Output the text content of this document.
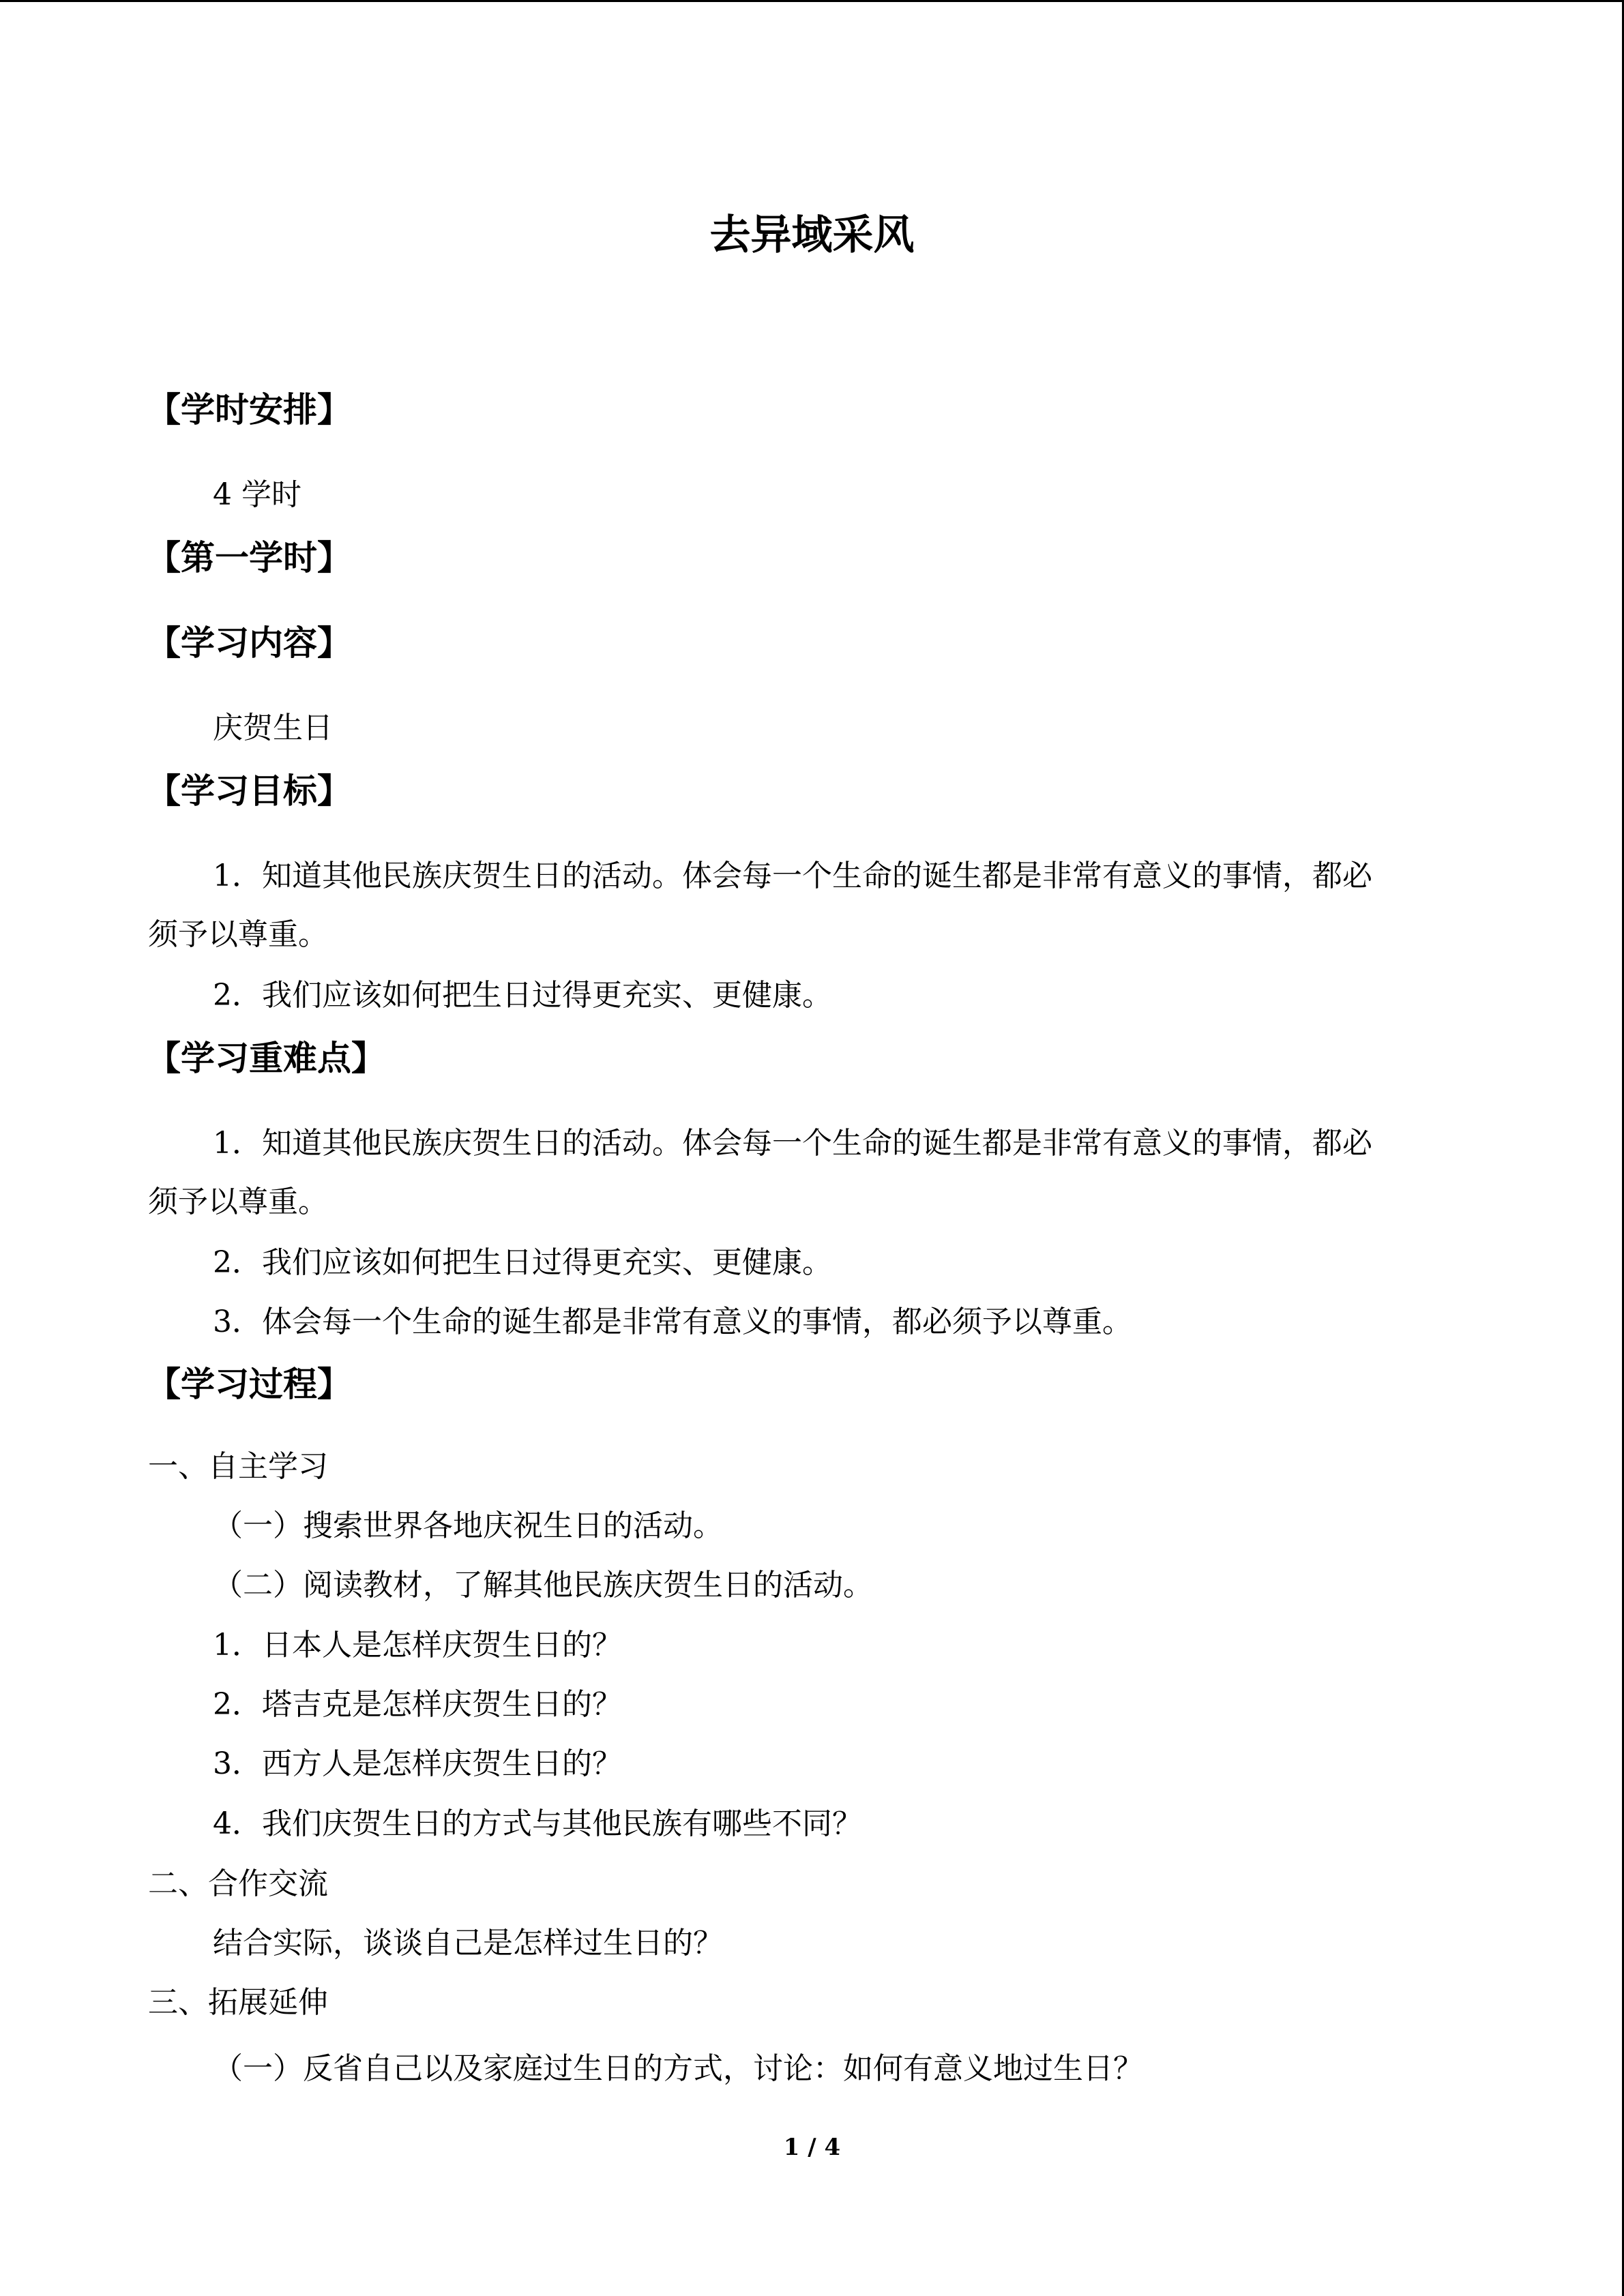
去异域采风
【学时安排】
4 学时
【第一学时】
【学习内容】
庆贺生日
【学习目标】
1．知道其他民族庆贺生日的活动。体会每一个生命的诞生都是非常有意义的事情，都必
须予以尊重。
2．我们应该如何把生日过得更充实、更健康。
【学习重难点】
1．知道其他民族庆贺生日的活动。体会每一个生命的诞生都是非常有意义的事情，都必
须予以尊重。
2．我们应该如何把生日过得更充实、更健康。
3．体会每一个生命的诞生都是非常有意义的事情，都必须予以尊重。
【学习过程】
一、自主学习
（一）搜索世界各地庆祝生日的活动。
（二）阅读教材，了解其他民族庆贺生日的活动。
1．日本人是怎样庆贺生日的？
2．塔吉克是怎样庆贺生日的？
3．西方人是怎样庆贺生日的？
4．我们庆贺生日的方式与其他民族有哪些不同？
二、合作交流
结合实际，谈谈自己是怎样过生日的？
三、拓展延伸
（一）反省自己以及家庭过生日的方式，讨论：如何有意义地过生日？
1 / 4
